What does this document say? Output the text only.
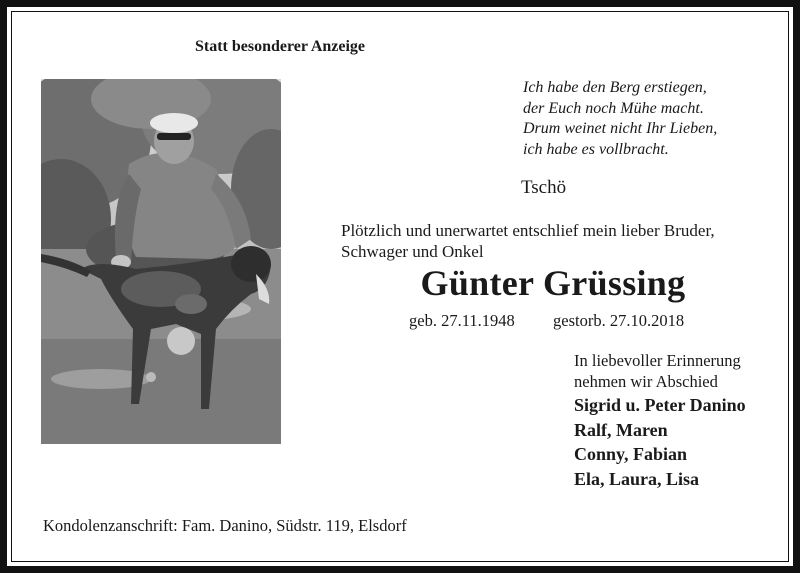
Statt besonderer Anzeige
Ich habe den Berg erstiegen,
der Euch noch Mühe macht.
Drum weinet nicht Ihr Lieben,
ich habe es vollbracht.
Tschö
Plötzlich und unerwartet entschlief mein lieber Bruder,
Schwager und Onkel
Günter Grüssing
geb. 27.11.1948 gestorb. 27.10.2018
In liebevoller Erinnerung
nehmen wir Abschied
Sigrid u. Peter Danino
Ralf, Maren
Conny, Fabian
Ela, Laura, Lisa
Kondolenzanschrift: Fam. Danino, Südstr. 119, Elsdorf
